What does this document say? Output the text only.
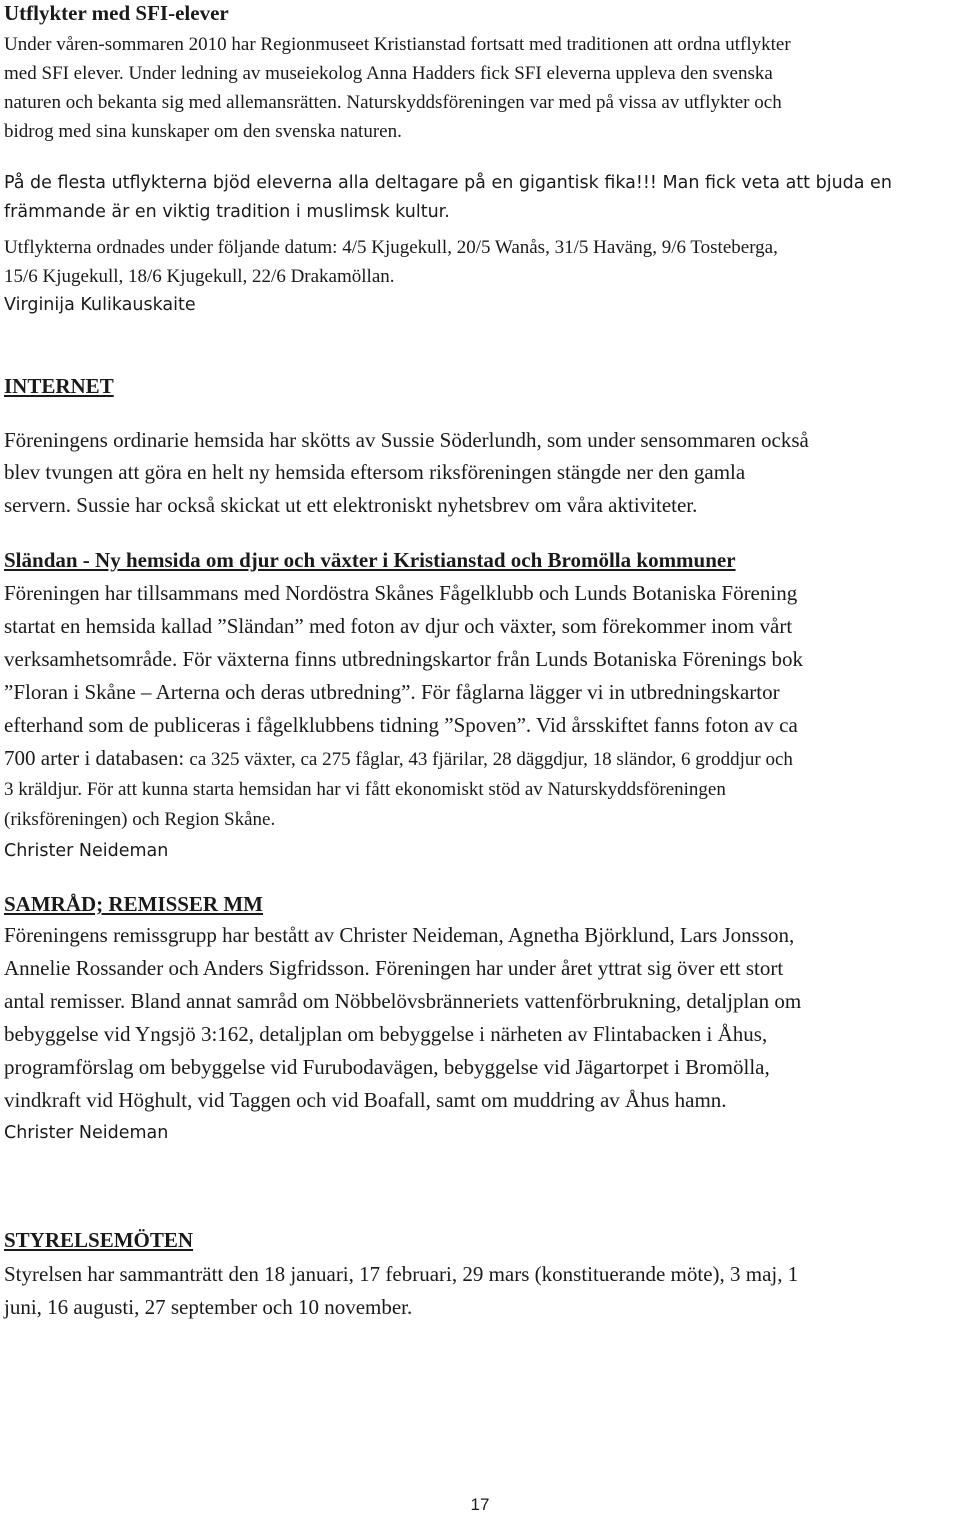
Utflykter med SFI-elever

Under våren-sommaren 2010 har Regionmuseet Kristianstad fortsatt med traditionen att ordna utflykter

med SFI elever. Under ledning av museiekolog Anna Hadders fick SFI eleverna uppleva den svenska

naturen och bekanta sig med allemansrätten. Naturskyddsföreningen var med på vissa av utflykter och

bidrog med sina kunskaper om den svenska naturen.

På de flesta utflykterna bjöd eleverna alla deltagare på en gigantisk fika!!! Man fick veta att bjuda en

främmande är en viktig tradition i muslimsk kultur.

Utflykterna ordnades under följande datum: 4/5 Kjugekull, 20/5 Wanås, 31/5 Haväng, 9/6 Tosteberga,

15/6 Kjugekull, 18/6 Kjugekull, 22/6 Drakamöllan.

Virginija Kulikauskaite

INTERNET

Föreningens ordinarie hemsida har skötts av Sussie Söderlundh, som under sensommaren också

blev tvungen att göra en helt ny hemsida eftersom riksföreningen stängde ner den gamla

servern. Sussie har också skickat ut ett elektroniskt nyhetsbrev om våra aktiviteter.

Sländan - Ny hemsida om djur och växter i Kristianstad och Bromölla kommuner

Föreningen har tillsammans med Nordöstra Skånes Fågelklubb och Lunds Botaniska Förening

startat en hemsida kallad ”Sländan” med foton av djur och växter, som förekommer inom vårt

verksamhetsområde. För växterna finns utbredningskartor från Lunds Botaniska Förenings bok

”Floran i Skåne – Arterna och deras utbredning”. För fåglarna lägger vi in utbredningskartor

efterhand som de publiceras i fågelklubbens tidning ”Spoven”. Vid årsskiftet fanns foton av ca

700 arter i databasen: ca 325 växter, ca 275 fåglar, 43 fjärilar, 28 däggdjur, 18 sländor, 6 groddjur och

3 kräldjur. För att kunna starta hemsidan har vi fått ekonomiskt stöd av Naturskyddsföreningen

(riksföreningen) och Region Skåne.

Christer Neideman

SAMRÅD; REMISSER MM

Föreningens remissgrupp har bestått av Christer Neideman, Agnetha Björklund, Lars Jonsson,

Annelie Rossander och Anders Sigfridsson. Föreningen har under året yttrat sig över ett stort

antal remisser. Bland annat samråd om Nöbbelövsbränneriets vattenförbrukning, detaljplan om

bebyggelse vid Yngsjö 3:162, detaljplan om bebyggelse i närheten av Flintabacken i Åhus,

programförslag om bebyggelse vid Furubodavägen, bebyggelse vid Jägartorpet i Bromölla,

vindkraft vid Höghult, vid Taggen och vid Boafall, samt om muddring av Åhus hamn.

Christer Neideman

STYRELSEMÖTEN

Styrelsen har sammanträtt den 18 januari, 17 februari, 29 mars (konstituerande möte), 3 maj, 1

juni, 16 augusti, 27 september och 10 november.

17
